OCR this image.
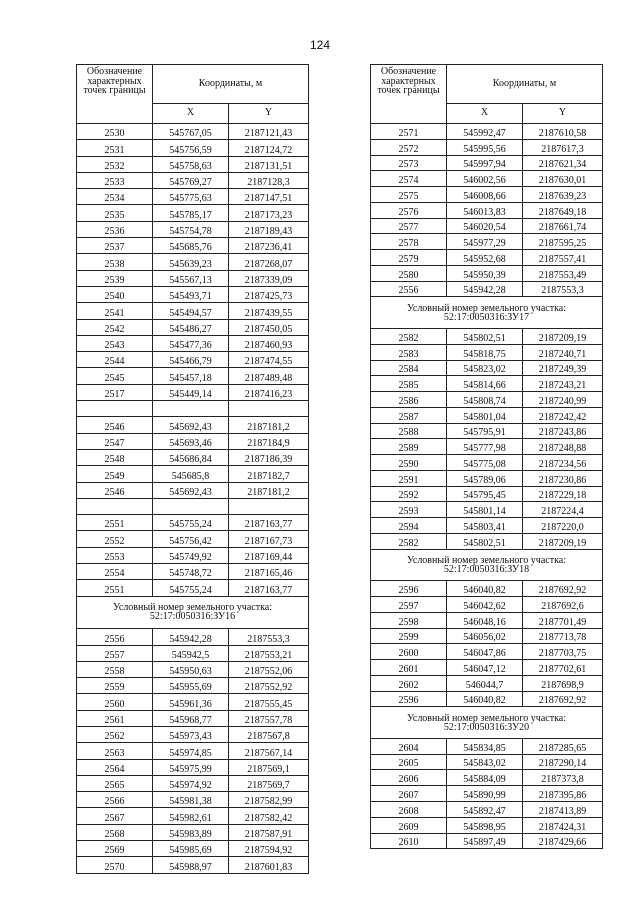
124
Обозначение характерных точек границы	Координаты, м	
	X	Y
2530	545767,05	2187121,43
2531	545756,59	2187124,72
2532	545758,63	2187131,51
2533	545769,27	2187128,3
2534	545775,63	2187147,51
2535	545785,17	2187173,23
2536	545754,78	2187189,43
2537	545685,76	2187236,41
2538	545639,23	2187268,07
2539	545567,13	2187339,09
2540	545493,71	2187425,73
2541	545494,57	2187439,55
2542	545486,27	2187450,05
2543	545477,36	2187460,93
2544	545466,79	2187474,55
2545	545457,18	2187489,48
2517	545449,14	2187416,23

2546	545692,43	2187181,2
2547	545693,46	2187184,9
2548	545686,84	2187186,39
2549	545685,8	2187182,7
2546	545692,43	2187181,2

2551	545755,24	2187163,77
2552	545756,42	2187167,73
2553	545749,92	2187169,44
2554	545748,72	2187165,46
2551	545755,24	2187163,77
Условный номер земельного участка: 52:17:0050316:ЗУ16		
2556	545942,28	2187553,3
2557	545942,5	2187553,21
2558	545950,63	2187552,06
2559	545955,69	2187552,92
2560	545961,36	2187555,45
2561	545968,77	2187557,78
2562	545973,43	2187567,8
2563	545974,85	2187567,14
2564	545975,99	2187569,1
2565	545974,92	2187569,7
2566	545981,38	2187582,99
2567	545982,61	2187582,42
2568	545983,89	2187587,91
2569	545985,69	2187594,92
2570	545988,97	2187601,83
Обозначение характерных точек границы	Координаты, м	
	X	Y
2571	545992,47	2187610,58
2572	545995,56	2187617,3
2573	545997,94	2187621,34
2574	546002,56	2187630,01
2575	546008,66	2187639,23
2576	546013,83	2187649,18
2577	546020,54	2187661,74
2578	545977,29	2187595,25
2579	545952,68	2187557,41
2580	545950,39	2187553,49
2556	545942,28	2187553,3
Условный номер земельного участка: 52:17:0050316:ЗУ17		
2582	545802,51	2187209,19
2583	545818,75	2187240,71
2584	545823,02	2187249,39
2585	545814,66	2187243,21
2586	545808,74	2187240,99
2587	545801,04	2187242,42
2588	545795,91	2187243,86
2589	545777,98	2187248,88
2590	545775,08	2187234,56
2591	545789,06	2187230,86
2592	545795,45	2187229,18
2593	545801,14	2187224,4
2594	545803,41	2187220,0
2582	545802,51	2187209,19
Условный номер земельного участка: 52:17:0050316:ЗУ18		
2596	546040,82	2187692,92
2597	546042,62	2187692,6
2598	546048,16	2187701,49
2599	546056,02	2187713,78
2600	546047,86	2187703,75
2601	546047,12	2187702,61
2602	546044,7	2187698,9
2596	546040,82	2187692,92
Условный номер земельного участка: 52:17:0050316:ЗУ20		
2604	545834,85	2187285,65
2605	545843,02	2187290,14
2606	545884,09	2187373,8
2607	545890,99	2187395,86
2608	545892,47	2187413,89
2609	545898,95	2187424,31
2610	545897,49	2187429,66
